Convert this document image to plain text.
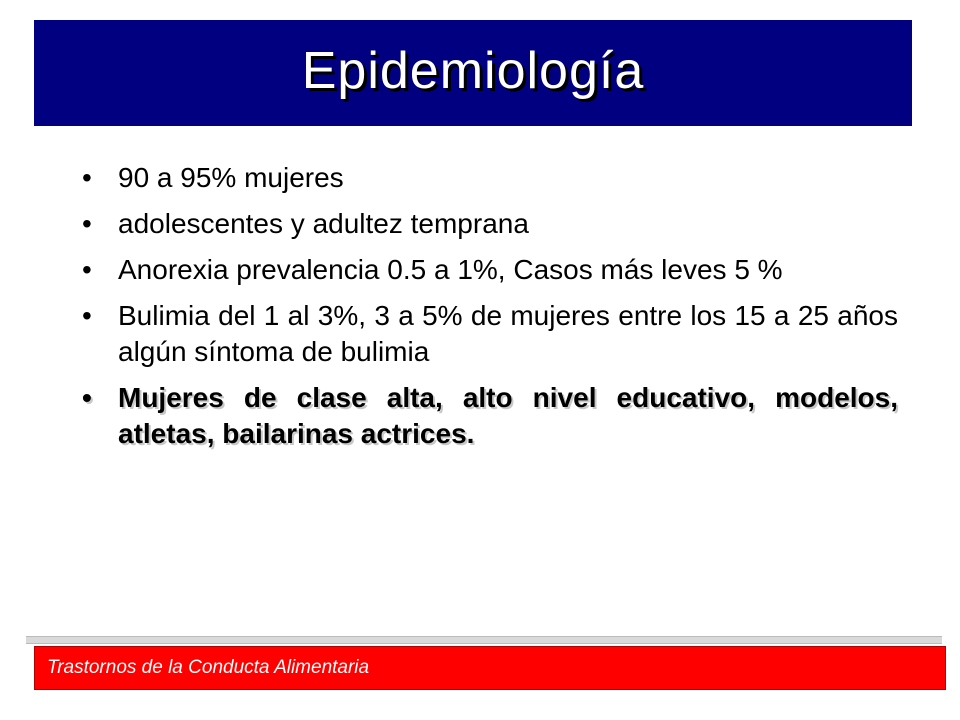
Epidemiología
• 90 a 95% mujeres
• adolescentes y adultez temprana
• Anorexia prevalencia 0.5 a 1%, Casos más leves 5 %
• Bulimia del 1 al 3%, 3 a 5% de mujeres entre los 15 a 25 años algún síntoma de bulimia
• Mujeres de clase alta, alto nivel educativo, modelos, atletas, bailarinas actrices.
Trastornos de la Conducta Alimentaria
